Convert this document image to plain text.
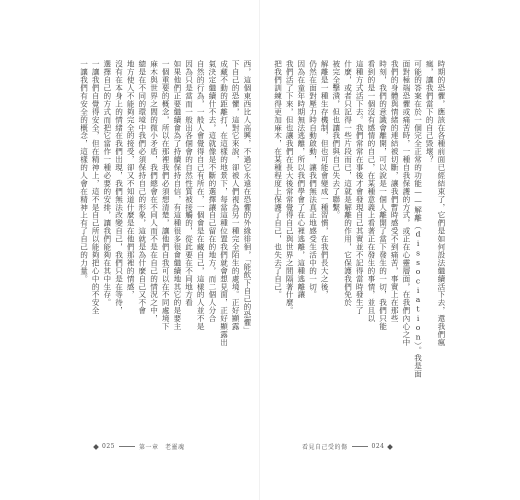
西，這個東西比人高興，不過它永遠在恐懼的外緣徘徊，「能飲下自己的恐懼」
下自己的恐懼，這對它來說，卻被人們視為另一種完全陌生的處境。正好顯露
成藏不動的距離打，在這樣的地景下，每當這種位置我們就會想見面，正好顯露出
氣決定繼續什不去，這就像是不斷的選擇讓自己留在的地方，而二個人分合
自然的行為，一般人會覺得自己有所在，一個會是在藏自己，這樣的人並不是
因為只是當而一般出各個會的自然性質被接觸的，從此要在不同地方看
如果他們正要繼續會為了持續保持自信，有這種很多很會繼續地其它的是要主
一個重要的概念，所以在那裡我們必須想清楚，讓他們自我可以在不同處境下
麻木與世界之間的微小矛盾，我們總會在不同人而不是在自己的情況之中，
總是在不同的環境中我們必須保持自己的形象，這就是為什麼自己又不會
地方使人不能夠完全的接受，卻又不知道什麼是在他們那裡的情感，
沒有在本身上的情緒在我們出現，我們無法改變自己，我們只是在等待，
選擇自己的方式而把它當作一種必要的安排，讓我們能夠在其中生存。
一讓我們自覺得安全，但在精神上，這不是自己所以能夠把心中的不安全
一讓我們有安全的概念，這樣的人會在精神上有了自己的力量。	時期的恐懼，應該在各種前面已經結束了，它們是如何設法繼續活下去，還我們瘋
瘋，讓我們當下的自己毀壞？
可能的答案在於一個完全正常的功能——解離（dissociation）。我是面
面對極端恐懼或痛苦時，一種自我保護的方式，或正在心靈層面，在我們內心之中
我們的身體與情緒的連結被切斷，讓我們暫時感受不到痛苦，事實上在那些
時刻，我們的意識會離開，可以說是一個人離開了當下發生的一切，我們只能
看到的是一個沒有感情的自己，在某種意義上看著正在發生的事情，並且以
這種方式活下去。我們常常在事後才會發現自己其實並不記得當時發生了
什麼，或者只記得一些片段而已，這就是解離的作用，它保護我們免於
被完全擊潰，但也讓我們與自己失去了聯繫。
解離是一種生存機制，但也可能會變成一種習慣，在我們長大之後，
仍然在面對壓力時自動啟動，讓我們無法真正地感受生活中的一切。
因為在童年時期無法逃離，所以我們學會了在心裡逃離，這種逃離讓
我們活了下來，但也讓我們在長大後常常覺得自己與世界之間隔著什麼。
把我們訓練得更加麻木，在某種程度上保護了自己，也失去了自己。
025	第一章　老靈魂	看見自己受的傷	024
